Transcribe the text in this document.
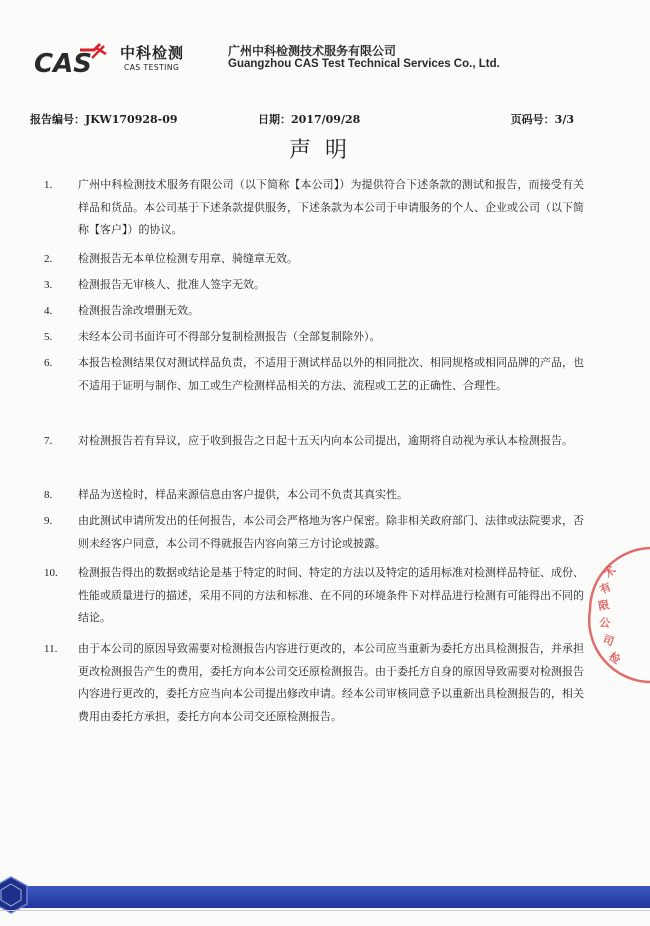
CAS 中科检测
CAS TESTING
广州中科检测技术服务有限公司
Guangzhou CAS Test Technical Services Co., Ltd.
报告编号：JKW170928-09	日期：2017/09/28	页码号：3/3
声明
1. 广州中科检测技术服务有限公司（以下简称【本公司】）为提供符合下述条款的测试和报告，而接受有关样品和货品。本公司基于下述条款提供服务，下述条款为本公司于申请服务的个人、企业或公司（以下简称【客户】）的协议。

2. 检测报告无本单位检测专用章、骑缝章无效。

3. 检测报告无审核人、批准人签字无效。

4. 检测报告涂改增删无效。

5. 未经本公司书面许可不得部分复制检测报告（全部复制除外）。

6. 本报告检测结果仅对测试样品负责，不适用于测试样品以外的相同批次、相同规格或相同品牌的产品，也不适用于证明与制作、加工或生产检测样品相关的方法、流程或工艺的正确性、合理性。

7. 对检测报告若有异议，应于收到报告之日起十五天内向本公司提出，逾期将自动视为承认本检测报告。

8. 样品为送检时，样品来源信息由客户提供，本公司不负责其真实性。

9. 由此测试申请所发出的任何报告，本公司会严格地为客户保密。除非相关政府部门、法律或法院要求，否则未经客户同意，本公司不得就报告内容向第三方讨论或披露。

10. 检测报告得出的数据或结论是基于特定的时间、特定的方法以及特定的适用标准对检测样品特征、成份、性能或质量进行的描述，采用不同的方法和标准、在不同的环境条件下对样品进行检测有可能得出不同的结论。

11. 由于本公司的原因导致需要对检测报告内容进行更改的，本公司应当重新为委托方出具检测报告，并承担更改检测报告产生的费用，委托方向本公司交还原检测报告。由于委托方自身的原因导致需要对检测报告内容进行更改的，委托方应当向本公司提出修改申请。经本公司审核同意予以重新出具检测报告的，相关费用由委托方承担，委托方向本公司交还原检测报告。

术
有
限
公
司
检
